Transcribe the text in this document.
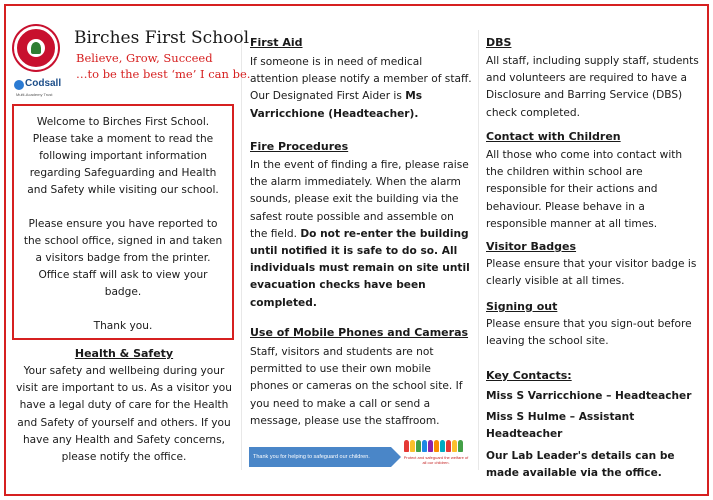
Codsall
Multi-Academy Trust
Birches First School
Believe, Grow, Succeed
…to be the best ‘me’ I can be.

Welcome to Birches First School. Please take a moment to read the following important information regarding Safeguarding and Health and Safety while visiting our school.

Please ensure you have reported to the school office, signed in and taken a visitors badge from the printer. Office staff will ask to view your badge.

Thank you.

Health & Safety
Your safety and wellbeing during your visit are important to us. As a visitor you have a legal duty of care for the Health and Safety of yourself and others. If you have any Health and Safety concerns, please notify the office.
First Aid
If someone is in need of medical attention please notify a member of staff. Our Designated First Aider is Ms Varricchione (Headteacher).
Fire Procedures
In the event of finding a fire, please raise the alarm immediately. When the alarm sounds, please exit the building via the safest route possible and assemble on the field. Do not re-enter the building until notified it is safe to do so. All individuals must remain on site until evacuation checks have been completed.
Use of Mobile Phones and Cameras
Staff, visitors and students are not permitted to use their own mobile phones or cameras on the school site. If you need to make a call or send a message, please use the staffroom.
Thank you for helping to safeguard our children.	Protect and safeguard the welfare of all our children.
DBS
All staff, including supply staff, students and volunteers are required to have a Disclosure and Barring Service (DBS) check completed.
Contact with Children
All those who come into contact with the children within school are responsible for their actions and behaviour. Please behave in a responsible manner at all times.
Visitor Badges
Please ensure that your visitor badge is clearly visible at all times.
Signing out
Please ensure that you sign-out before leaving the school site.
Key Contacts:
Miss S Varricchione – Headteacher
Miss S Hulme – Assistant Headteacher
Our Lab Leader's details can be made available via the office.
